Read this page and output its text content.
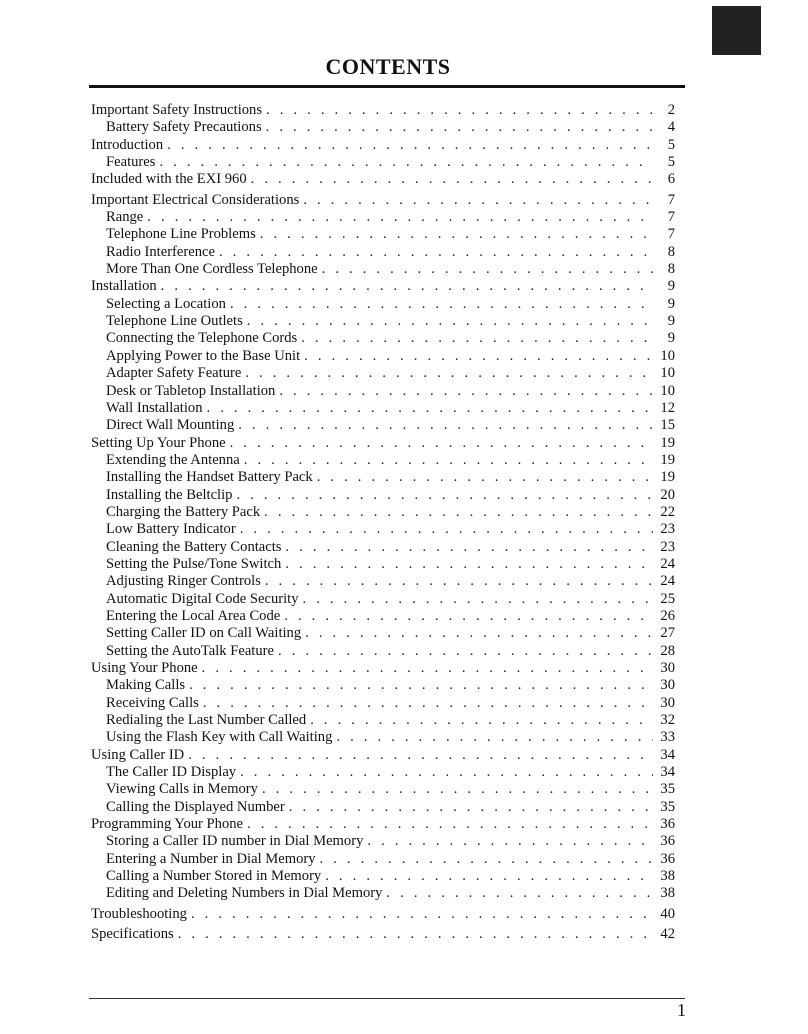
CONTENTS
Important Safety Instructions . . .	2
Battery Safety Precautions . . .	4
Introduction . . .	5
Features . . .	5
Included with the EXI 960 . . .	6
Important Electrical Considerations . . .	7
Range . . .	7
Telephone Line Problems . . .	7
Radio Interference . . .	8
More Than One Cordless Telephone . . .	8
Installation . . .	9
Selecting a Location . . .	9
Telephone Line Outlets . . .	9
Connecting the Telephone Cords . . .	9
Applying Power to the Base Unit . . .	10
Adapter Safety Feature . . .	10
Desk or Tabletop Installation . . .	10
Wall Installation . . .	12
Direct Wall Mounting . . .	15
Setting Up Your Phone . . .	19
Extending the Antenna . . .	19
Installing the Handset Battery Pack . . .	19
Installing the Beltclip . . .	20
Charging the Battery Pack . . .	22
Low Battery Indicator . . .	23
Cleaning the Battery Contacts . . .	23
Setting the Pulse/Tone Switch . . .	24
Adjusting Ringer Controls . . .	24
Automatic Digital Code Security . . .	25
Entering the Local Area Code . . .	26
Setting Caller ID on Call Waiting . . .	27
Setting the AutoTalk Feature . . .	28
Using Your Phone . . .	30
Making Calls . . .	30
Receiving Calls . . .	30
Redialing the Last Number Called . . .	32
Using the Flash Key with Call Waiting . . .	33
Using Caller ID . . .	34
The Caller ID Display . . .	34
Viewing Calls in Memory . . .	35
Calling the Displayed Number . . .	35
Programming Your Phone . . .	36
Storing a Caller ID number in Dial Memory . . .	36
Entering a Number in Dial Memory . . .	36
Calling a Number Stored in Memory . . .	38
Editing and Deleting Numbers in Dial Memory . . .	38
Troubleshooting . . .	40
Specifications . . .	42
1
